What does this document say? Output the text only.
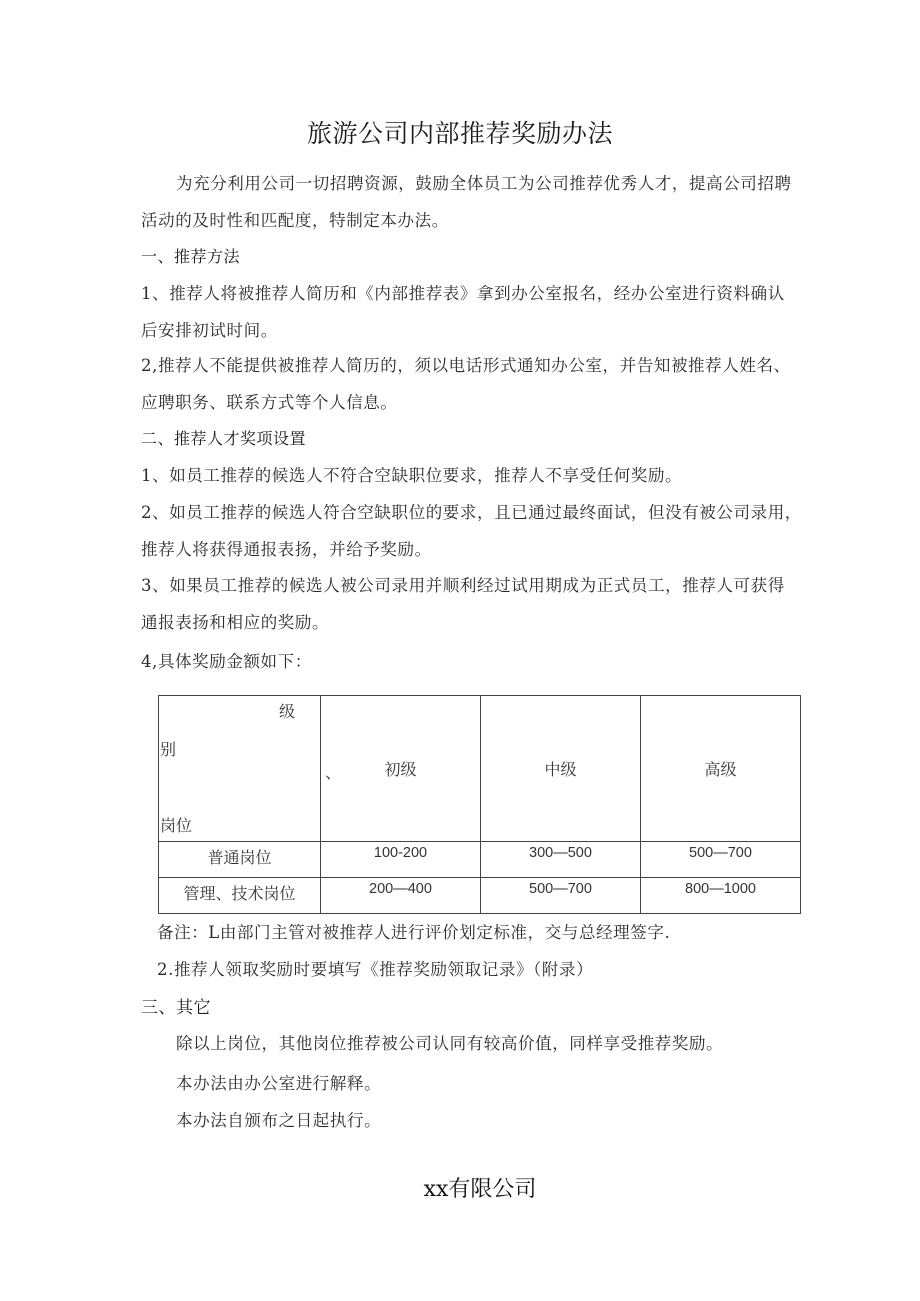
旅游公司内部推荐奖励办法
为充分利用公司一切招聘资源，鼓励全体员工为公司推荐优秀人才，提高公司招聘
活动的及时性和匹配度，特制定本办法。
一、推荐方法
1、推荐人将被推荐人简历和《内部推荐表》拿到办公室报名，经办公室进行资料确认
后安排初试时间。
2,推荐人不能提供被推荐人简历的，须以电话形式通知办公室，并告知被推荐人姓名、
应聘职务、联系方式等个人信息。
二、推荐人才奖项设置
1、如员工推荐的候选人不符合空缺职位要求，推荐人不享受任何奖励。
2、如员工推荐的候选人符合空缺职位的要求，且已通过最终面试，但没有被公司录用，
推荐人将获得通报表扬，并给予奖励。
3、如果员工推荐的候选人被公司录用并顺利经过试用期成为正式员工，推荐人可获得
通报表扬和相应的奖励。
4,具体奖励金额如下：
级
别
岗位	、 初级	中级	高级
普通岗位	100-200	300—500	500—700
管理、技术岗位	200—400	500—700	800—1000
备注：L由部门主管对被推荐人进行评价划定标准，交与总经理签字.
2.推荐人领取奖励时要填写《推荐奖励领取记录》（附录）
三、其它
除以上岗位，其他岗位推荐被公司认同有较高价值，同样享受推荐奖励。
本办法由办公室进行解释。
本办法自颁布之日起执行。
xx有限公司
